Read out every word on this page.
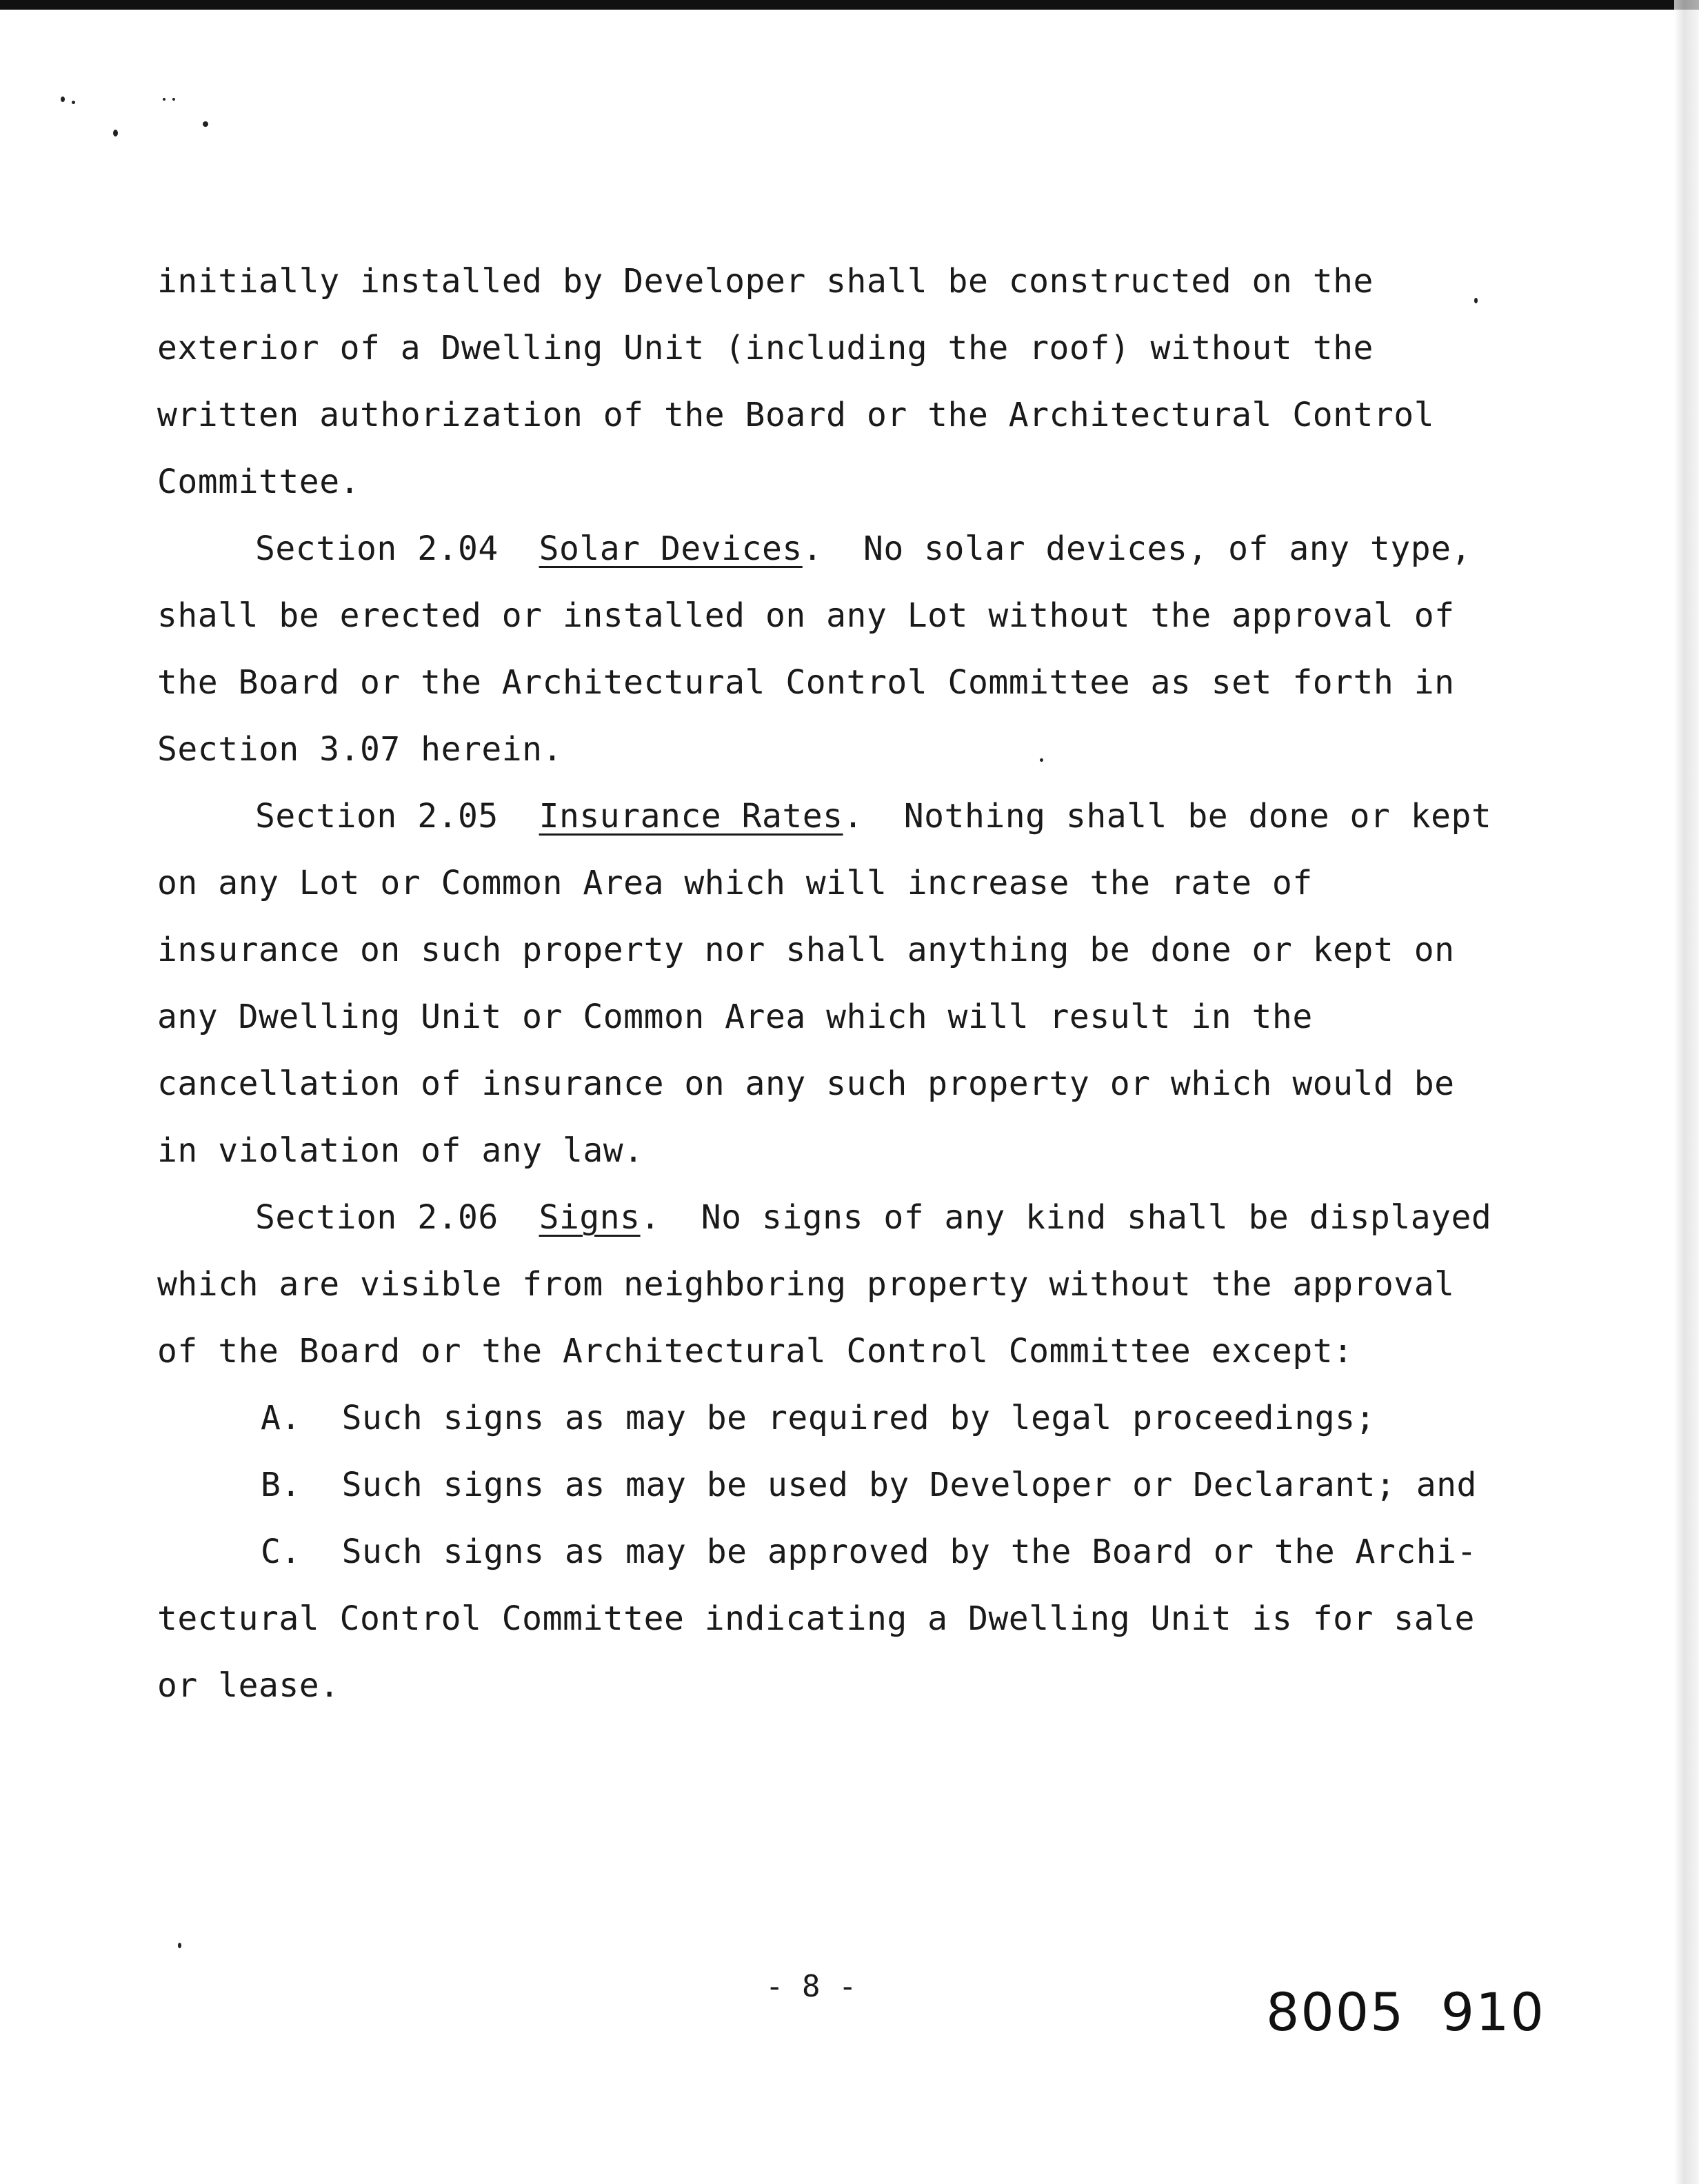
initially installed by Developer shall be constructed on the
exterior of a Dwelling Unit (including the roof) without the
written authorization of the Board or the Architectural Control
Committee.
Section 2.04  Solar Devices.  No solar devices, of any type,
shall be erected or installed on any Lot without the approval of
the Board or the Architectural Control Committee as set forth in
Section 3.07 herein.
Section 2.05  Insurance Rates.  Nothing shall be done or kept
on any Lot or Common Area which will increase the rate of
insurance on such property nor shall anything be done or kept on
any Dwelling Unit or Common Area which will result in the
cancellation of insurance on any such property or which would be
in violation of any law.
Section 2.06  Signs.  No signs of any kind shall be displayed
which are visible from neighboring property without the approval
of the Board or the Architectural Control Committee except:
A.  Such signs as may be required by legal proceedings;
B.  Such signs as may be used by Developer or Declarant; and
C.  Such signs as may be approved by the Board or the Archi-
tectural Control Committee indicating a Dwelling Unit is for sale
or lease.
- 8 -	8005  910
